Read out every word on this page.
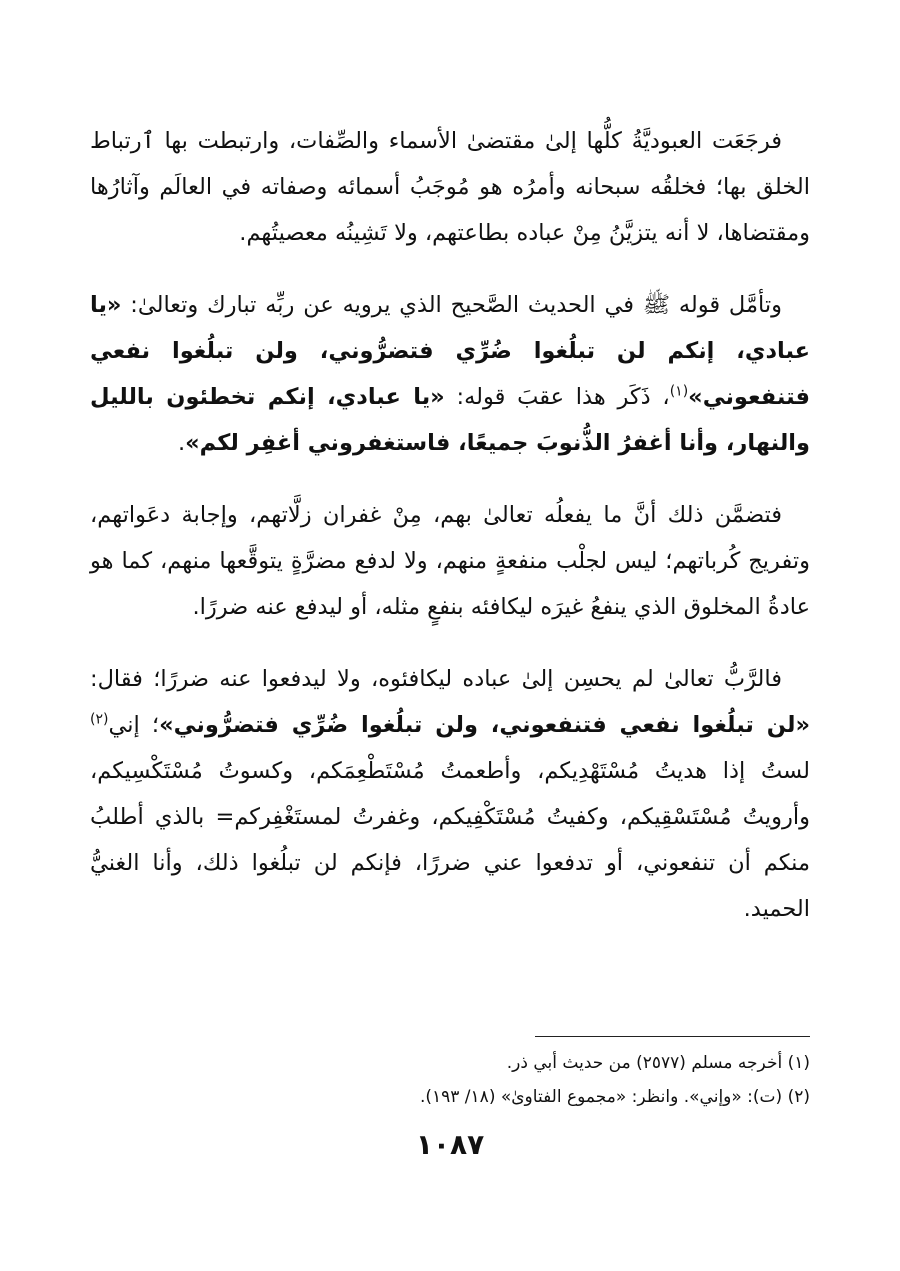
فرجَعَت العبوديَّةُ كلُّها إلىٰ مقتضىٰ الأسماء والصِّفات، وارتبطت بها ٱرتباط الخلق بها؛ فخلقُه سبحانه وأمرُه هو مُوجَبُ أسمائه وصفاته في العالَم وآثارُها ومقتضاها، لا أنه يتزيَّنُ مِنْ عباده بطاعتهم، ولا تَشِينُه معصيتُهم.

وتأمَّل قوله ﷺ في الحديث الصَّحيح الذي يرويه عن ربِّه تبارك وتعالىٰ: «يا عبادي، إنكم لن تبلُغوا ضُرِّي فتضرُّوني، ولن تبلُغوا نفعي فتنفعوني»$^{(١)}$، ذَكَر هذا عقبَ قوله: «يا عبادي، إنكم تخطئون بالليل والنهار، وأنا أغفرُ الذُّنوبَ جميعًا، فاستغفروني أغفِر لكم».

فتضمَّن ذلك أنَّ ما يفعلُه تعالىٰ بهم، مِنْ غفران زلَّاتهم، وإجابة دعَواتهم، وتفريج كُرباتهم؛ ليس لجلْب منفعةٍ منهم، ولا لدفع مضرَّةٍ يتوقَّعها منهم، كما هو عادةُ المخلوق الذي ينفعُ غيرَه ليكافئه بنفعٍ مثله، أو ليدفع عنه ضررًا.

فالرَّبُّ تعالىٰ لم يحسِن إلىٰ عباده ليكافئوه، ولا ليدفعوا عنه ضررًا؛ فقال: «لن تبلُغوا نفعي فتنفعوني، ولن تبلُغوا ضُرِّي فتضرُّوني»؛ إني$^{(٢)}$ لستُ إذا هديتُ مُسْتَهْدِيكم، وأطعمتُ مُسْتَطْعِمَكم، وكسوتُ مُسْتَكْسِيكم، وأرويتُ مُسْتَسْقِيكم، وكفيتُ مُسْتَكْفِيكم، وغفرتُ لمستَغْفِركم= بالذي أطلبُ منكم أن تنفعوني، أو تدفعوا عني ضررًا، فإنكم لن تبلُغوا ذلك، وأنا الغنيُّ الحميد.

(١) أخرجه مسلم (٢٥٧٧) من حديث أبي ذر.

(٢) (ت): «وإني». وانظر: «مجموع الفتاوىٰ» (١٨/ ١٩٣).

١٠٨٧
